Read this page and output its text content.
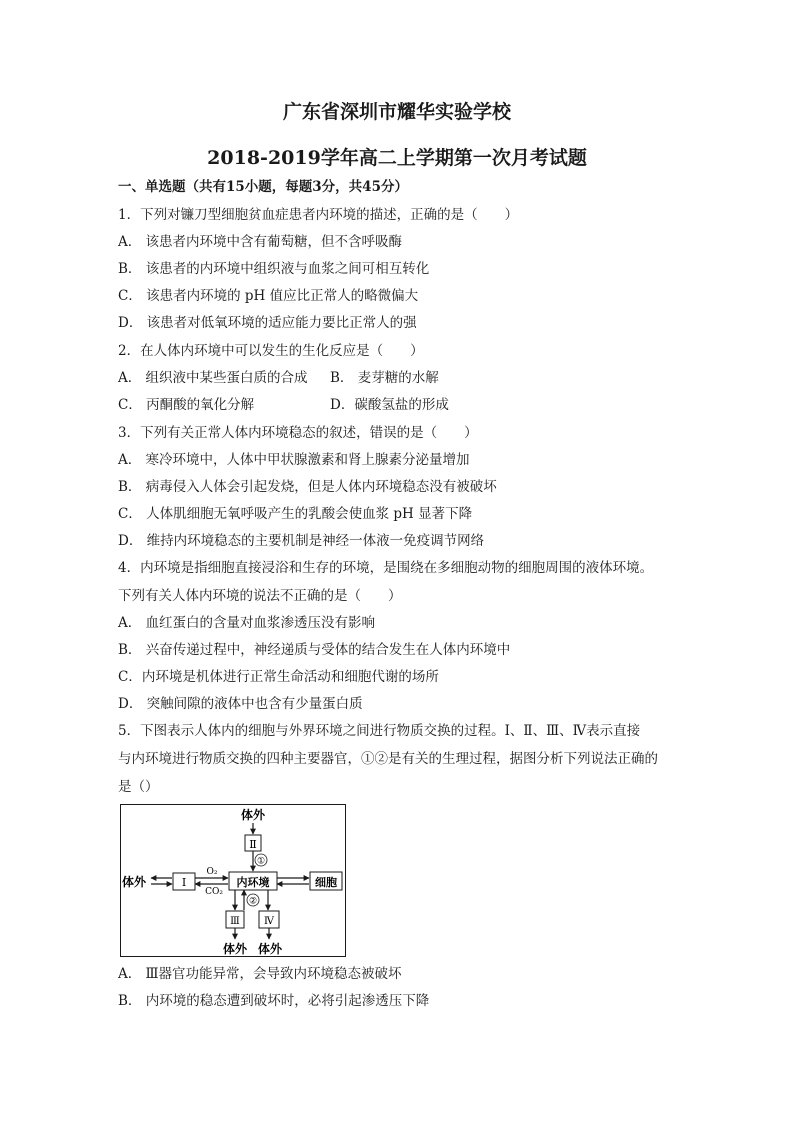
广东省深圳市耀华实验学校
2018-2019学年高二上学期第一次月考试题
一、单选题（共有15小题，每题3分，共45分）
1．下列对镰刀型细胞贫血症患者内环境的描述，正确的是（　　）
A． 该患者内环境中含有葡萄糖，但不含呼吸酶
B． 该患者的内环境中组织液与血浆之间可相互转化
C． 该患者内环境的 pH 值应比正常人的略微偏大
D． 该患者对低氧环境的适应能力要比正常人的强
2．在人体内环境中可以发生的生化反应是（　　）
A． 组织液中某些蛋白质的合成 B． 麦芽糖的水解
C． 丙酮酸的氧化分解	D．碳酸氢盐的形成
3．下列有关正常人体内环境稳态的叙述，错误的是（　　）
A． 寒冷环境中，人体中甲状腺激素和肾上腺素分泌量增加
B． 病毒侵入人体会引起发烧，但是人体内环境稳态没有被破坏
C． 人体肌细胞无氧呼吸产生的乳酸会使血浆 pH 显著下降
D． 维持内环境稳态的主要机制是神经一体液一免疫调节网络
4．内环境是指细胞直接浸浴和生存的环境，是围绕在多细胞动物的细胞周围的液体环境。
下列有关人体内环境的说法不正确的是（　　）
A． 血红蛋白的含量对血浆渗透压没有影响
B． 兴奋传递过程中，神经递质与受体的结合发生在人体内环境中
C．内环境是机体进行正常生命活动和细胞代谢的场所
D． 突触间隙的液体中也含有少量蛋白质
5．下图表示人体内的细胞与外界环境之间进行物质交换的过程。Ⅰ、Ⅱ、Ⅲ、Ⅳ表示直接
与内环境进行物质交换的四种主要器官，①②是有关的生理过程，据图分析下列说法正确的
是（）
体外
Ⅱ
①
体外	Ⅰ
O₂
CO₂
内环境	细胞
②
Ⅲ Ⅳ
体外 体外
A． Ⅲ器官功能异常，会导致内环境稳态被破坏
B． 内环境的稳态遭到破坏时，必将引起渗透压下降
